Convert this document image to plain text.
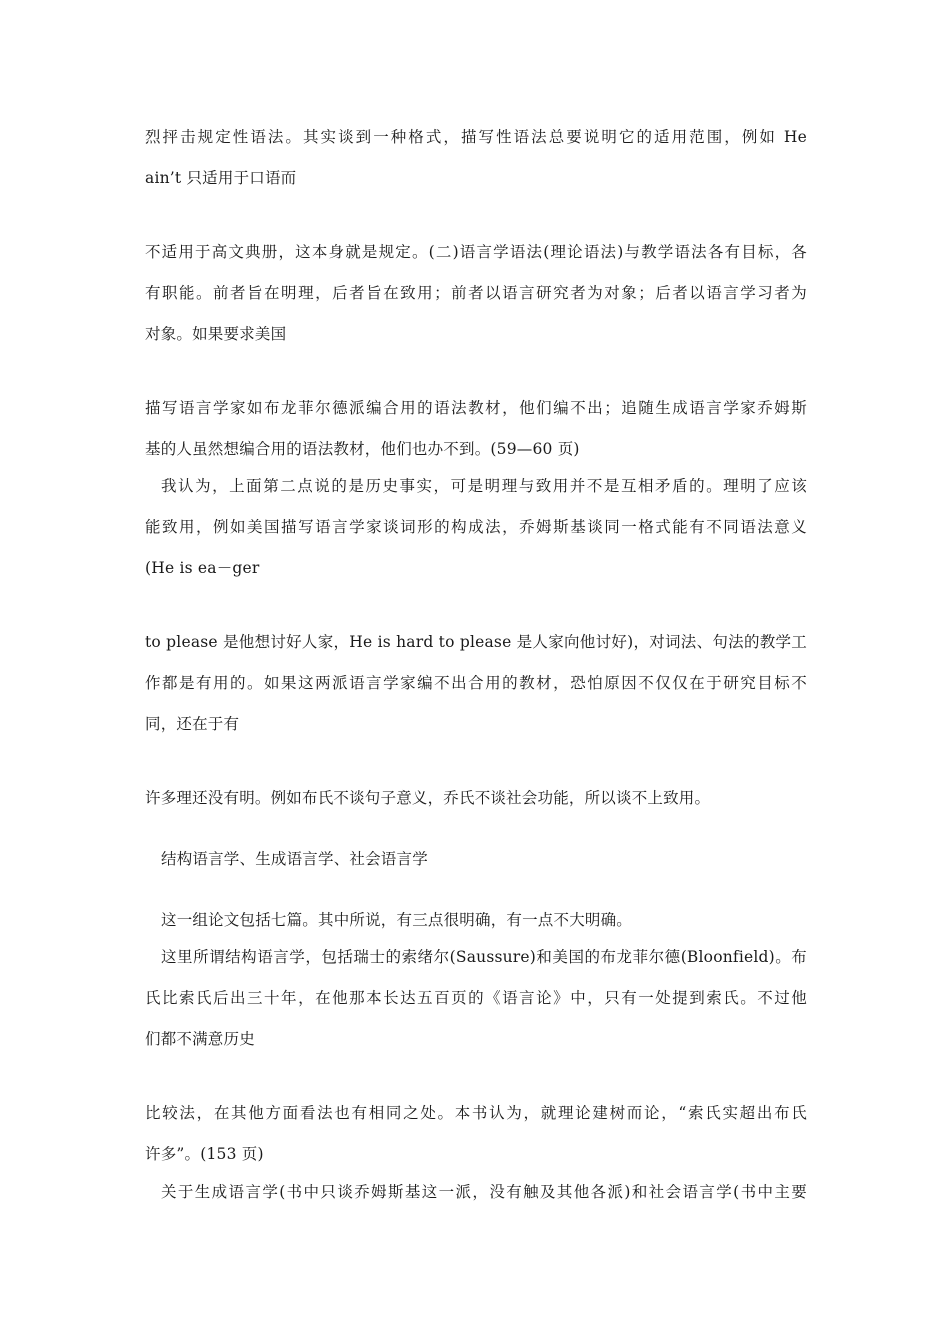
烈抨击规定性语法。其实谈到一种格式，描写性语法总要说明它的适用范围，例如 He
ain’t 只适用于口语而
不适用于高文典册，这本身就是规定。(二)语言学语法(理论语法)与教学语法各有目标，各
有职能。前者旨在明理，后者旨在致用；前者以语言研究者为对象；后者以语言学习者为
对象。如果要求美国
描写语言学家如布龙菲尔德派编合用的语法教材，他们编不出；追随生成语言学家乔姆斯
基的人虽然想编合用的语法教材，他们也办不到。(59—60 页)
我认为，上面第二点说的是历史事实，可是明理与致用并不是互相矛盾的。理明了应该
能致用，例如美国描写语言学家谈词形的构成法，乔姆斯基谈同一格式能有不同语法意义
(He is ea－ger
to please 是他想讨好人家，He is hard to please 是人家向他讨好)，对词法、句法的教学工
作都是有用的。如果这两派语言学家编不出合用的教材，恐怕原因不仅仅在于研究目标不
同，还在于有
许多理还没有明。例如布氏不谈句子意义，乔氏不谈社会功能，所以谈不上致用。
结构语言学、生成语言学、社会语言学
这一组论文包括七篇。其中所说，有三点很明确，有一点不大明确。
这里所谓结构语言学，包括瑞士的索绪尔(Saussure)和美国的布龙菲尔德(Bloonfield)。布
氏比索氏后出三十年，在他那本长达五百页的《语言论》中，只有一处提到索氏。不过他
们都不满意历史
比较法，在其他方面看法也有相同之处。本书认为，就理论建树而论，“索氏实超出布氏
许多”。(153 页)
关于生成语言学(书中只谈乔姆斯基这一派，没有触及其他各派)和社会语言学(书中主要
